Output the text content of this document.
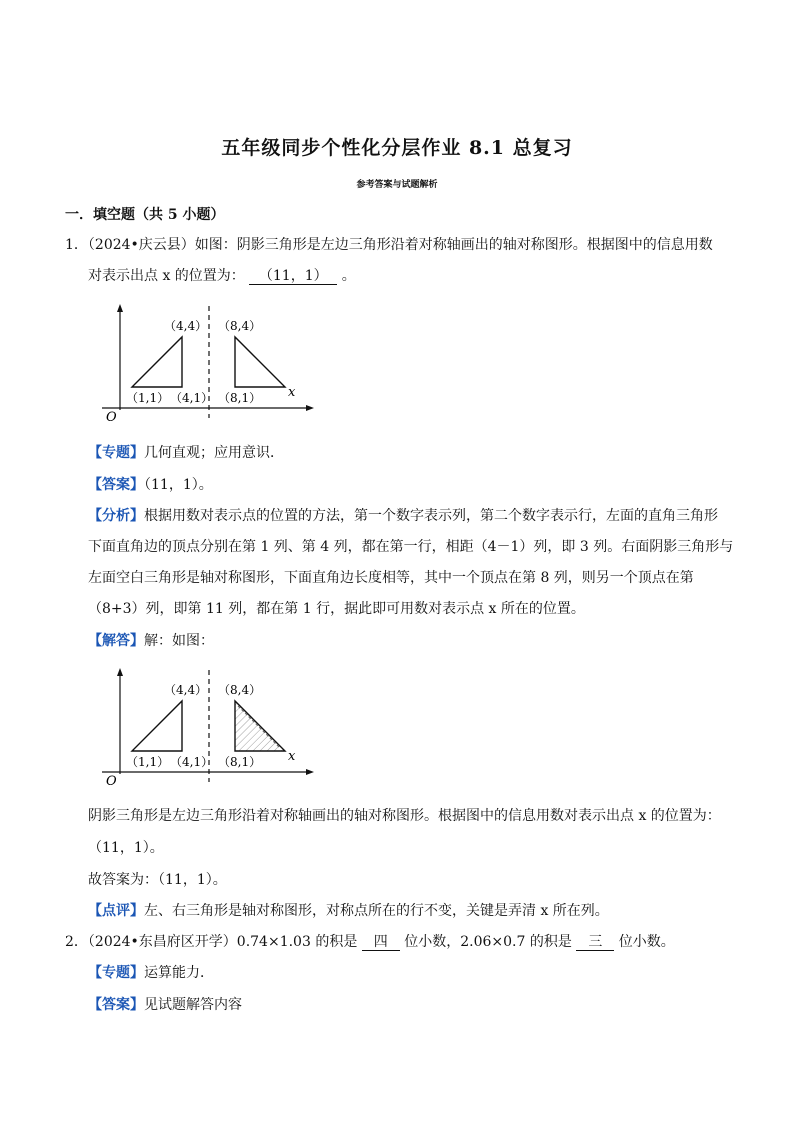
五年级同步个性化分层作业 8.1 总复习
参考答案与试题解析
一．填空题（共 5 小题）
1．（2024•庆云县）如图：阴影三角形是左边三角形沿着对称轴画出的轴对称图形。根据图中的信息用数
对表示出点 x 的位置为： （11，1） 。
（4,4） （8,4）
（1,1） （4,1） （8,1） x
O
【专题】几何直观；应用意识．
【答案】（11，1）。
【分析】根据用数对表示点的位置的方法，第一个数字表示列，第二个数字表示行，左面的直角三角形
下面直角边的顶点分别在第 1 列、第 4 列，都在第一行，相距（4－1）列，即 3 列。右面阴影三角形与
左面空白三角形是轴对称图形，下面直角边长度相等，其中一个顶点在第 8 列，则另一个顶点在第
（8+3）列，即第 11 列，都在第 1 行，据此即可用数对表示点 x 所在的位置。
【解答】解：如图：
（4,4） （8,4）
（1,1） （4,1） （8,1） x
O
阴影三角形是左边三角形沿着对称轴画出的轴对称图形。根据图中的信息用数对表示出点 x 的位置为：
（11，1）。
故答案为：（11，1）。
【点评】左、右三角形是轴对称图形，对称点所在的行不变，关键是弄清 x 所在列。
2．（2024•东昌府区开学）0.74×1.03 的积是 四 位小数，2.06×0.7 的积是 三 位小数。
【专题】运算能力．
【答案】见试题解答内容
